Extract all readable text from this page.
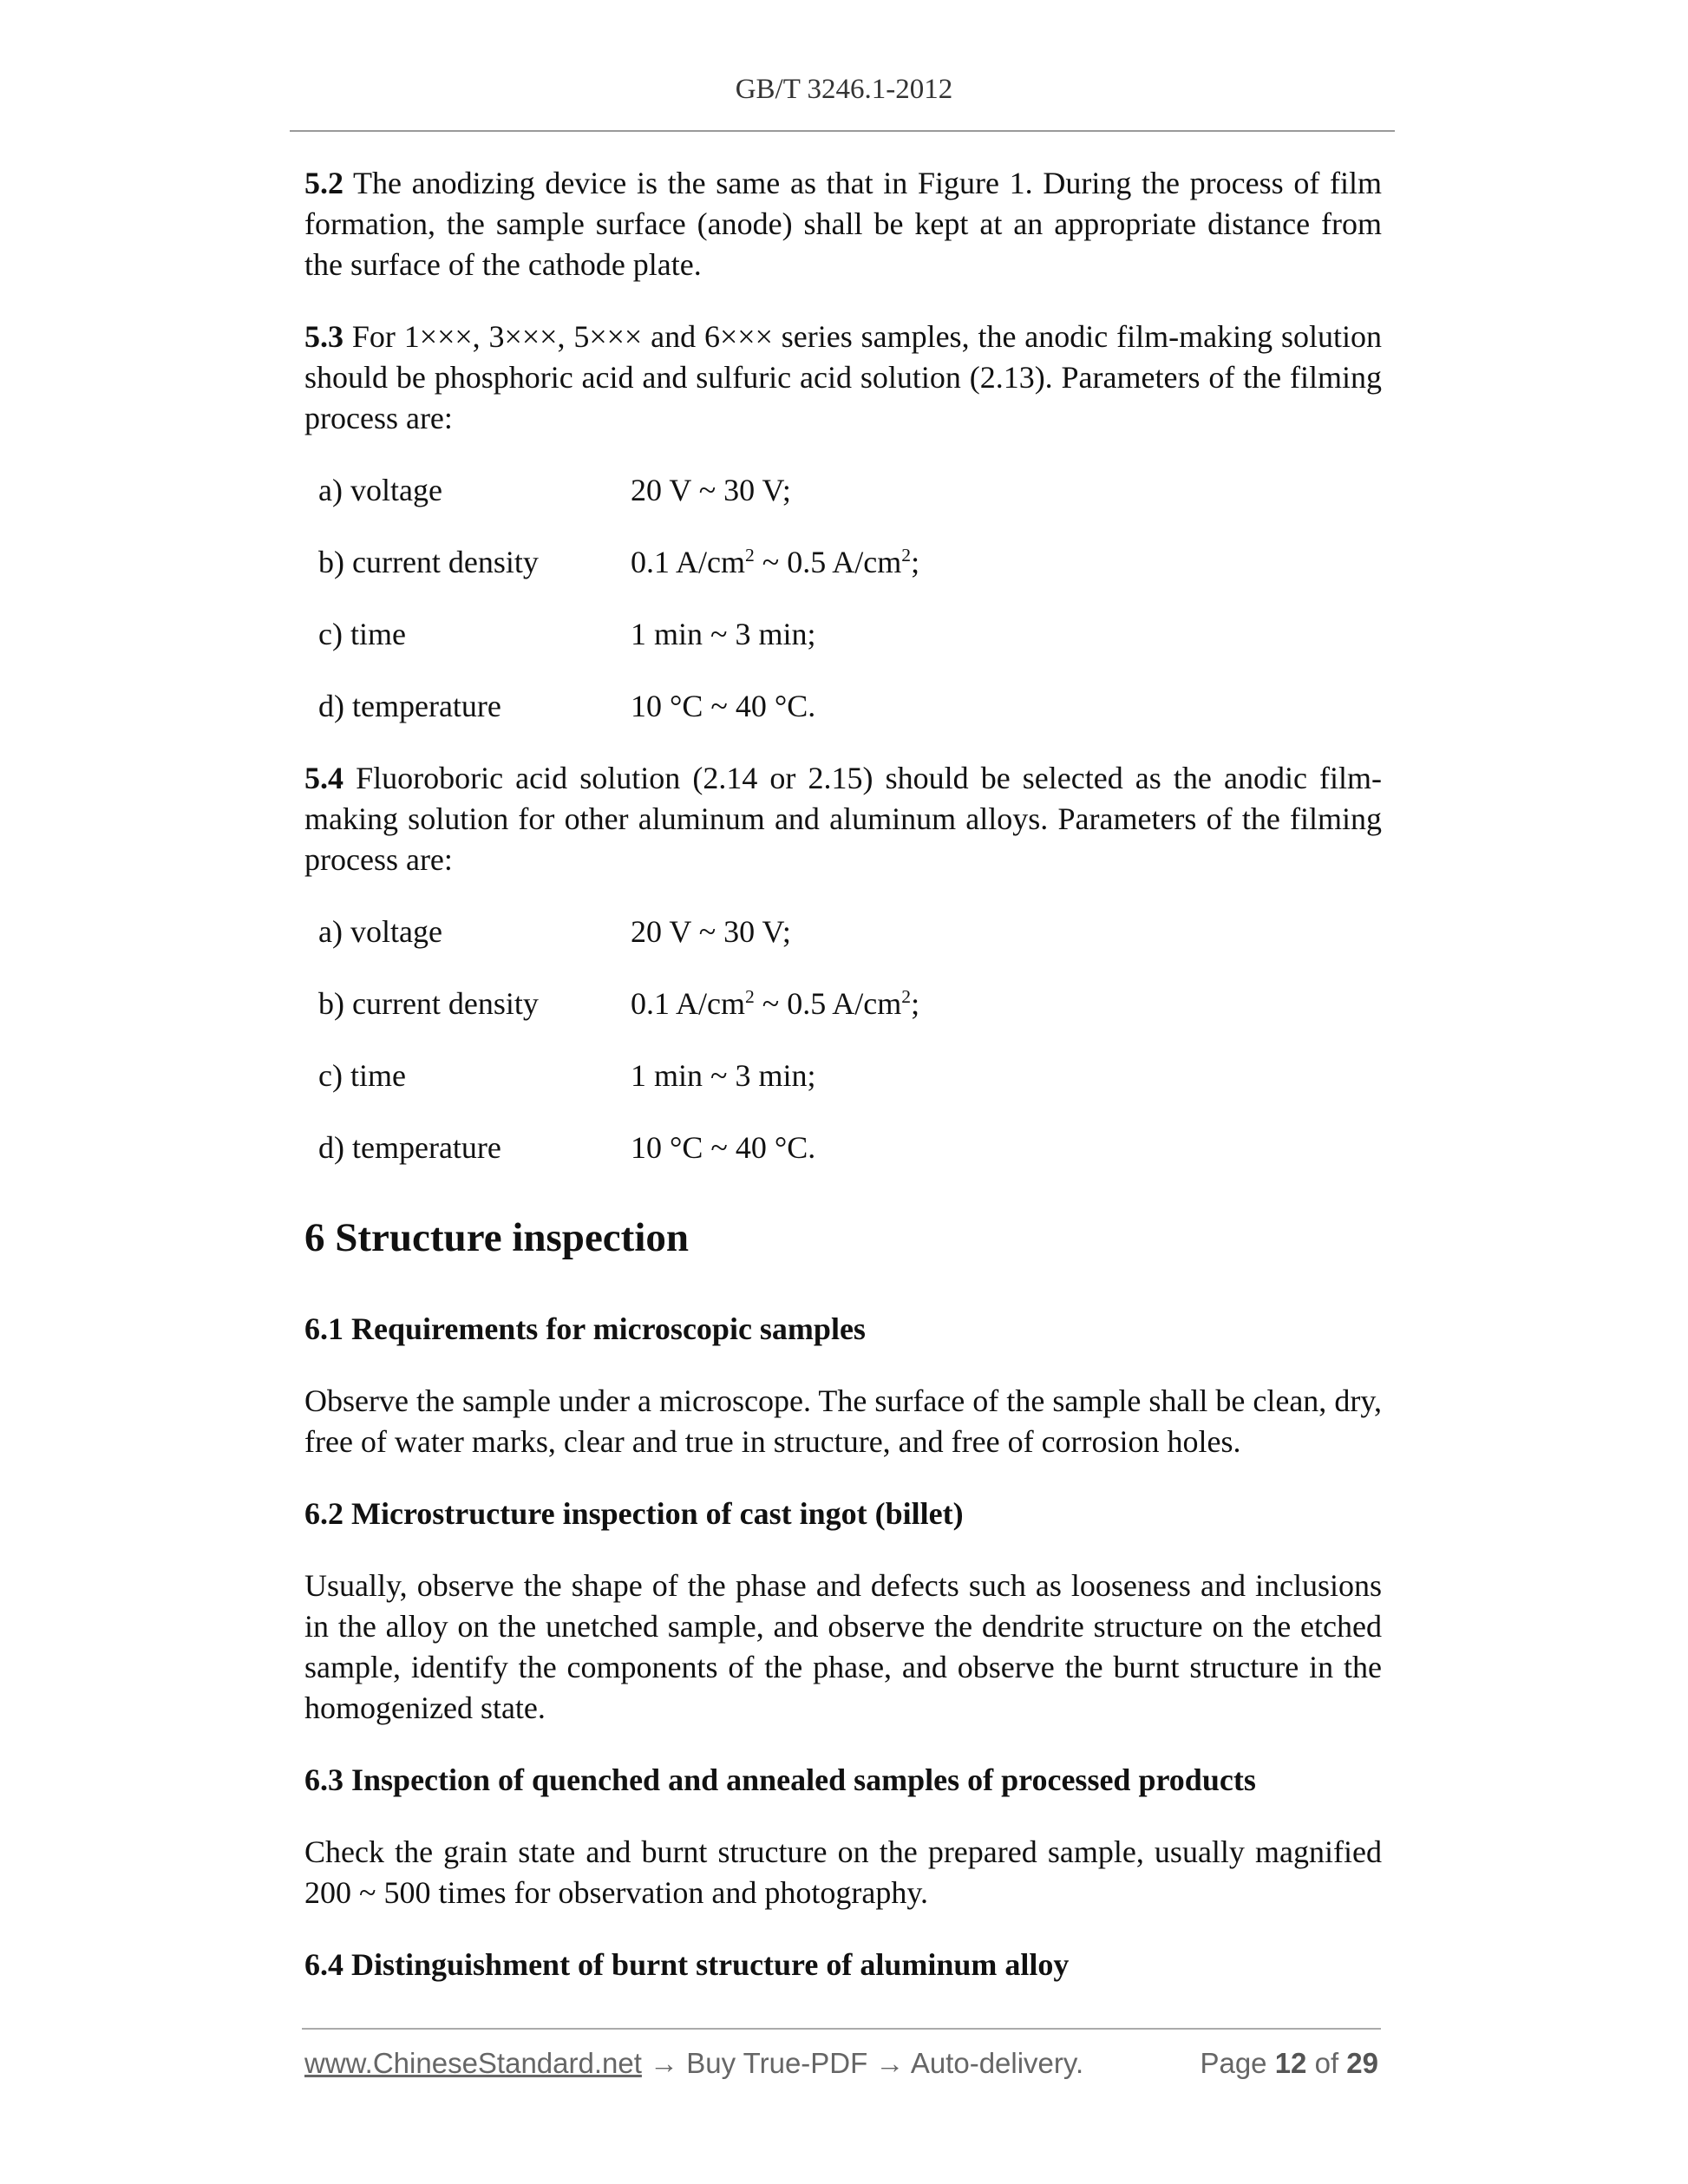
GB/T 3246.1-2012

5.2 The anodizing device is the same as that in Figure 1. During the process of film formation, the sample surface (anode) shall be kept at an appropriate distance from the surface of the cathode plate.

5.3 For 1×××, 3×××, 5××× and 6××× series samples, the anodic film-making solution should be phosphoric acid and sulfuric acid solution (2.13). Parameters of the filming process are:

a) voltage	20 V ~ 30 V;
b) current density	0.1 $A/cm^2$ ~ 0.5 $A/cm^2$;
c) time	1 min ~ 3 min;
d) temperature	10 °C ~ 40 °C.

5.4 Fluoroboric acid solution (2.14 or 2.15) should be selected as the anodic film-making solution for other aluminum and aluminum alloys. Parameters of the filming process are:

a) voltage	20 V ~ 30 V;
b) current density	0.1 $A/cm^2$ ~ 0.5 $A/cm^2$;
c) time	1 min ~ 3 min;
d) temperature	10 °C ~ 40 °C.
6 Structure inspection
6.1 Requirements for microscopic samples

Observe the sample under a microscope. The surface of the sample shall be clean, dry, free of water marks, clear and true in structure, and free of corrosion holes.

6.2 Microstructure inspection of cast ingot (billet)

Usually, observe the shape of the phase and defects such as looseness and inclusions in the alloy on the unetched sample, and observe the dendrite structure on the etched sample, identify the components of the phase, and observe the burnt structure in the homogenized state.

6.3 Inspection of quenched and annealed samples of processed products

Check the grain state and burnt structure on the prepared sample, usually magnified 200 ~ 500 times for observation and photography.

6.4 Distinguishment of burnt structure of aluminum alloy
www.ChineseStandard.net → Buy True-PDF → Auto-delivery.	Page 12 of 29
